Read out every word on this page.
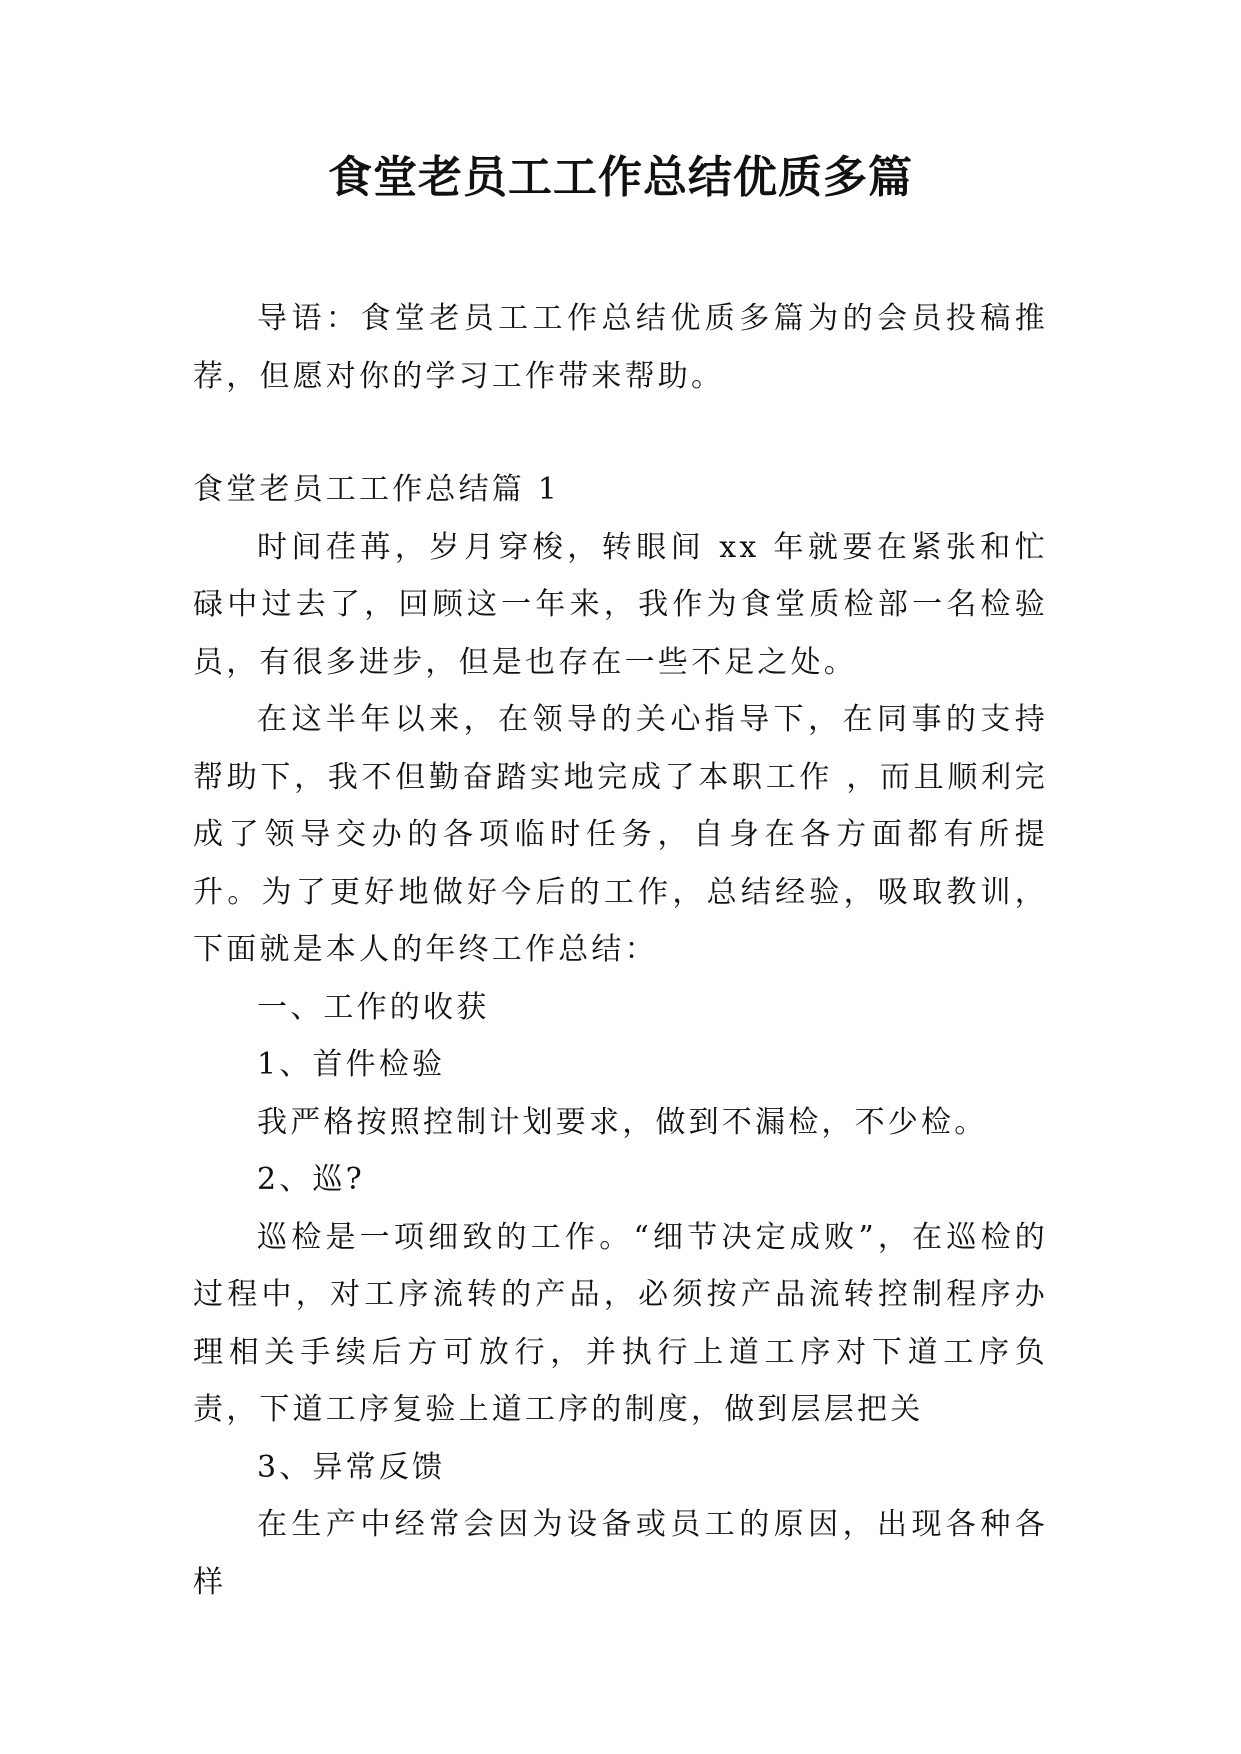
食堂老员工工作总结优质多篇

导语：食堂老员工工作总结优质多篇为的会员投稿推荐，但愿对你的学习工作带来帮助。

食堂老员工工作总结篇 1

时间荏苒，岁月穿梭，转眼间 xx 年就要在紧张和忙碌中过去了，回顾这一年来，我作为食堂质检部一名检验员，有很多进步，但是也存在一些不足之处。

在这半年以来，在领导的关心指导下，在同事的支持帮助下，我不但勤奋踏实地完成了本职工作 ，而且顺利完成了领导交办的各项临时任务，自身在各方面都有所提升。为了更好地做好今后的工作，总结经验，吸取教训，下面就是本人的年终工作总结：

一、工作的收获

1、首件检验

我严格按照控制计划要求，做到不漏检，不少检。

2、巡?

巡检是一项细致的工作。“细节决定成败”，在巡检的过程中，对工序流转的产品，必须按产品流转控制程序办理相关手续后方可放行，并执行上道工序对下道工序负责，下道工序复验上道工序的制度，做到层层把关

3、异常反馈

在生产中经常会因为设备或员工的原因，出现各种各样
